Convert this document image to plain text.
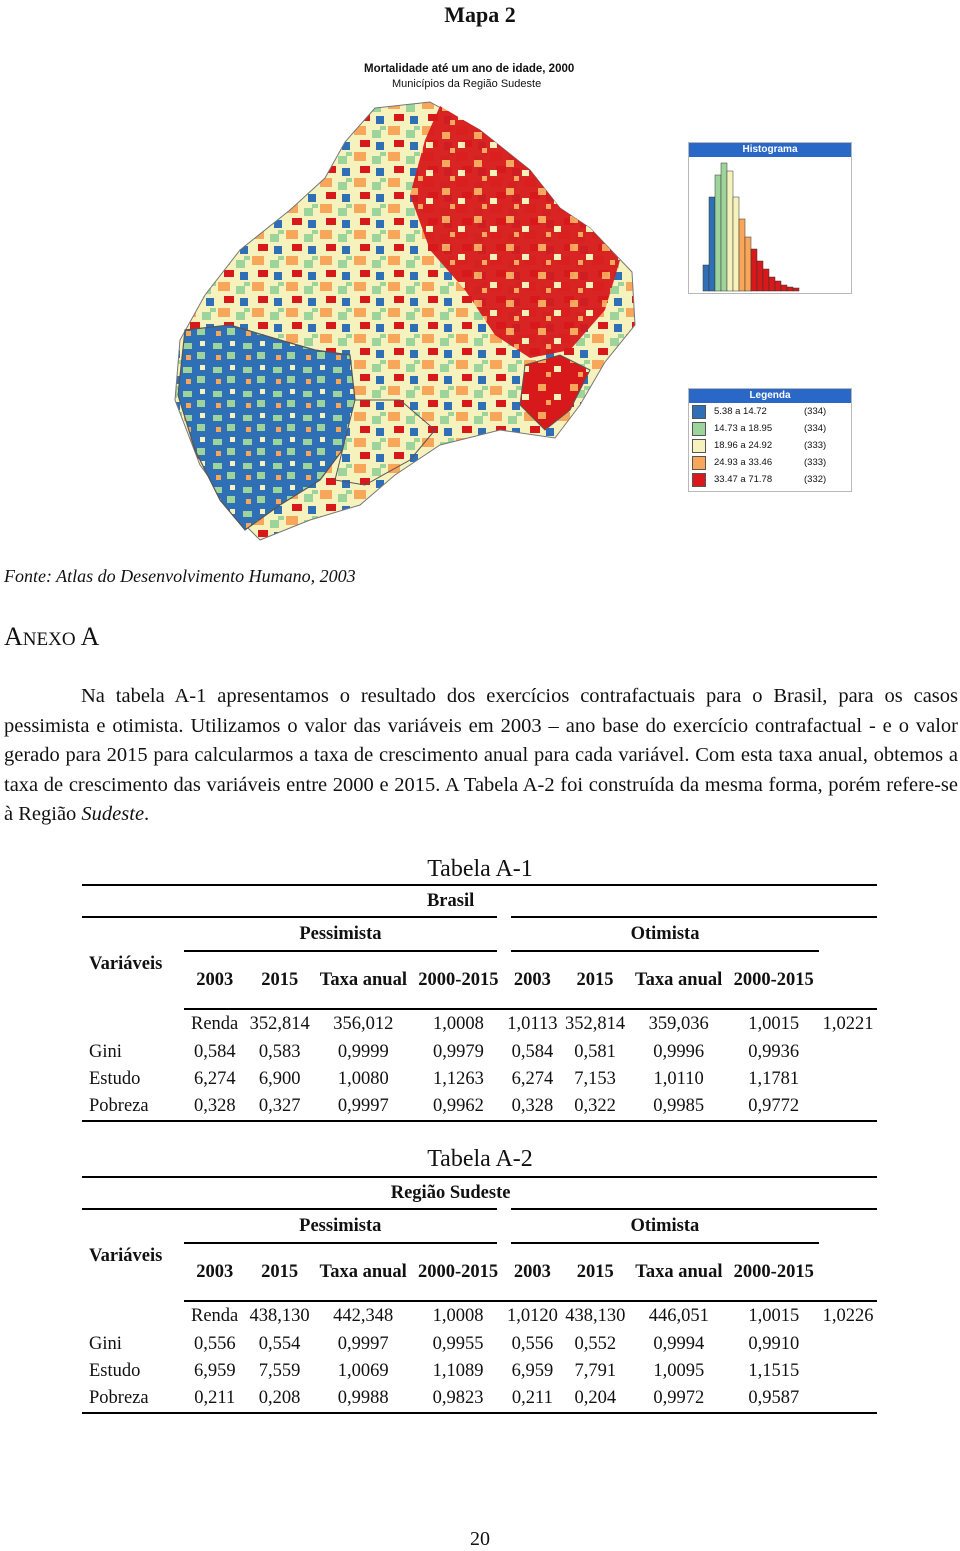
Mapa 2
Mortalidade até um ano de idade, 2000
Municípios da Região Sudeste
Histograma
Legenda
5.38 a 14.72	(334)
14.73 a 18.95	(334)
18.96 a 24.92	(333)
24.93 a 33.46	(333)
33.47 a 71.78	(332)
Fonte: Atlas do Desenvolvimento Humano, 2003
ANEXO A
Na tabela A-1 apresentamos o resultado dos exercícios contrafactuais para o Brasil, para os casos pessimista e otimista. Utilizamos o valor das variáveis em 2003 – ano base do exercício contrafactual - e o valor gerado para 2015 para calcularmos a taxa de crescimento anual para cada variável. Com esta taxa anual, obtemos a taxa de crescimento das variáveis entre 2000 e 2015. A Tabela A-2 foi construída da mesma forma, porém refere-se à Região Sudeste.
Tabela A-1
Brasil									
Variáveis	Pessimista				Otimista				
	2003	2015	Taxa anual	2000-2015	2003	2015	Taxa anual	2000-2015	
	Renda	352,814	356,012	1,0008	1,0113	352,814	359,036	1,0015	1,0221
Gini	0,584	0,583	0,9999	0,9979	0,584	0,581	0,9996	0,9936	
Estudo	6,274	6,900	1,0080	1,1263	6,274	7,153	1,0110	1,1781	
Pobreza	0,328	0,327	0,9997	0,9962	0,328	0,322	0,9985	0,9772	
Tabela A-2
Região Sudeste									
Variáveis	Pessimista				Otimista				
	2003	2015	Taxa anual	2000-2015	2003	2015	Taxa anual	2000-2015	
	Renda	438,130	442,348	1,0008	1,0120	438,130	446,051	1,0015	1,0226
Gini	0,556	0,554	0,9997	0,9955	0,556	0,552	0,9994	0,9910	
Estudo	6,959	7,559	1,0069	1,1089	6,959	7,791	1,0095	1,1515	
Pobreza	0,211	0,208	0,9988	0,9823	0,211	0,204	0,9972	0,9587	
20
